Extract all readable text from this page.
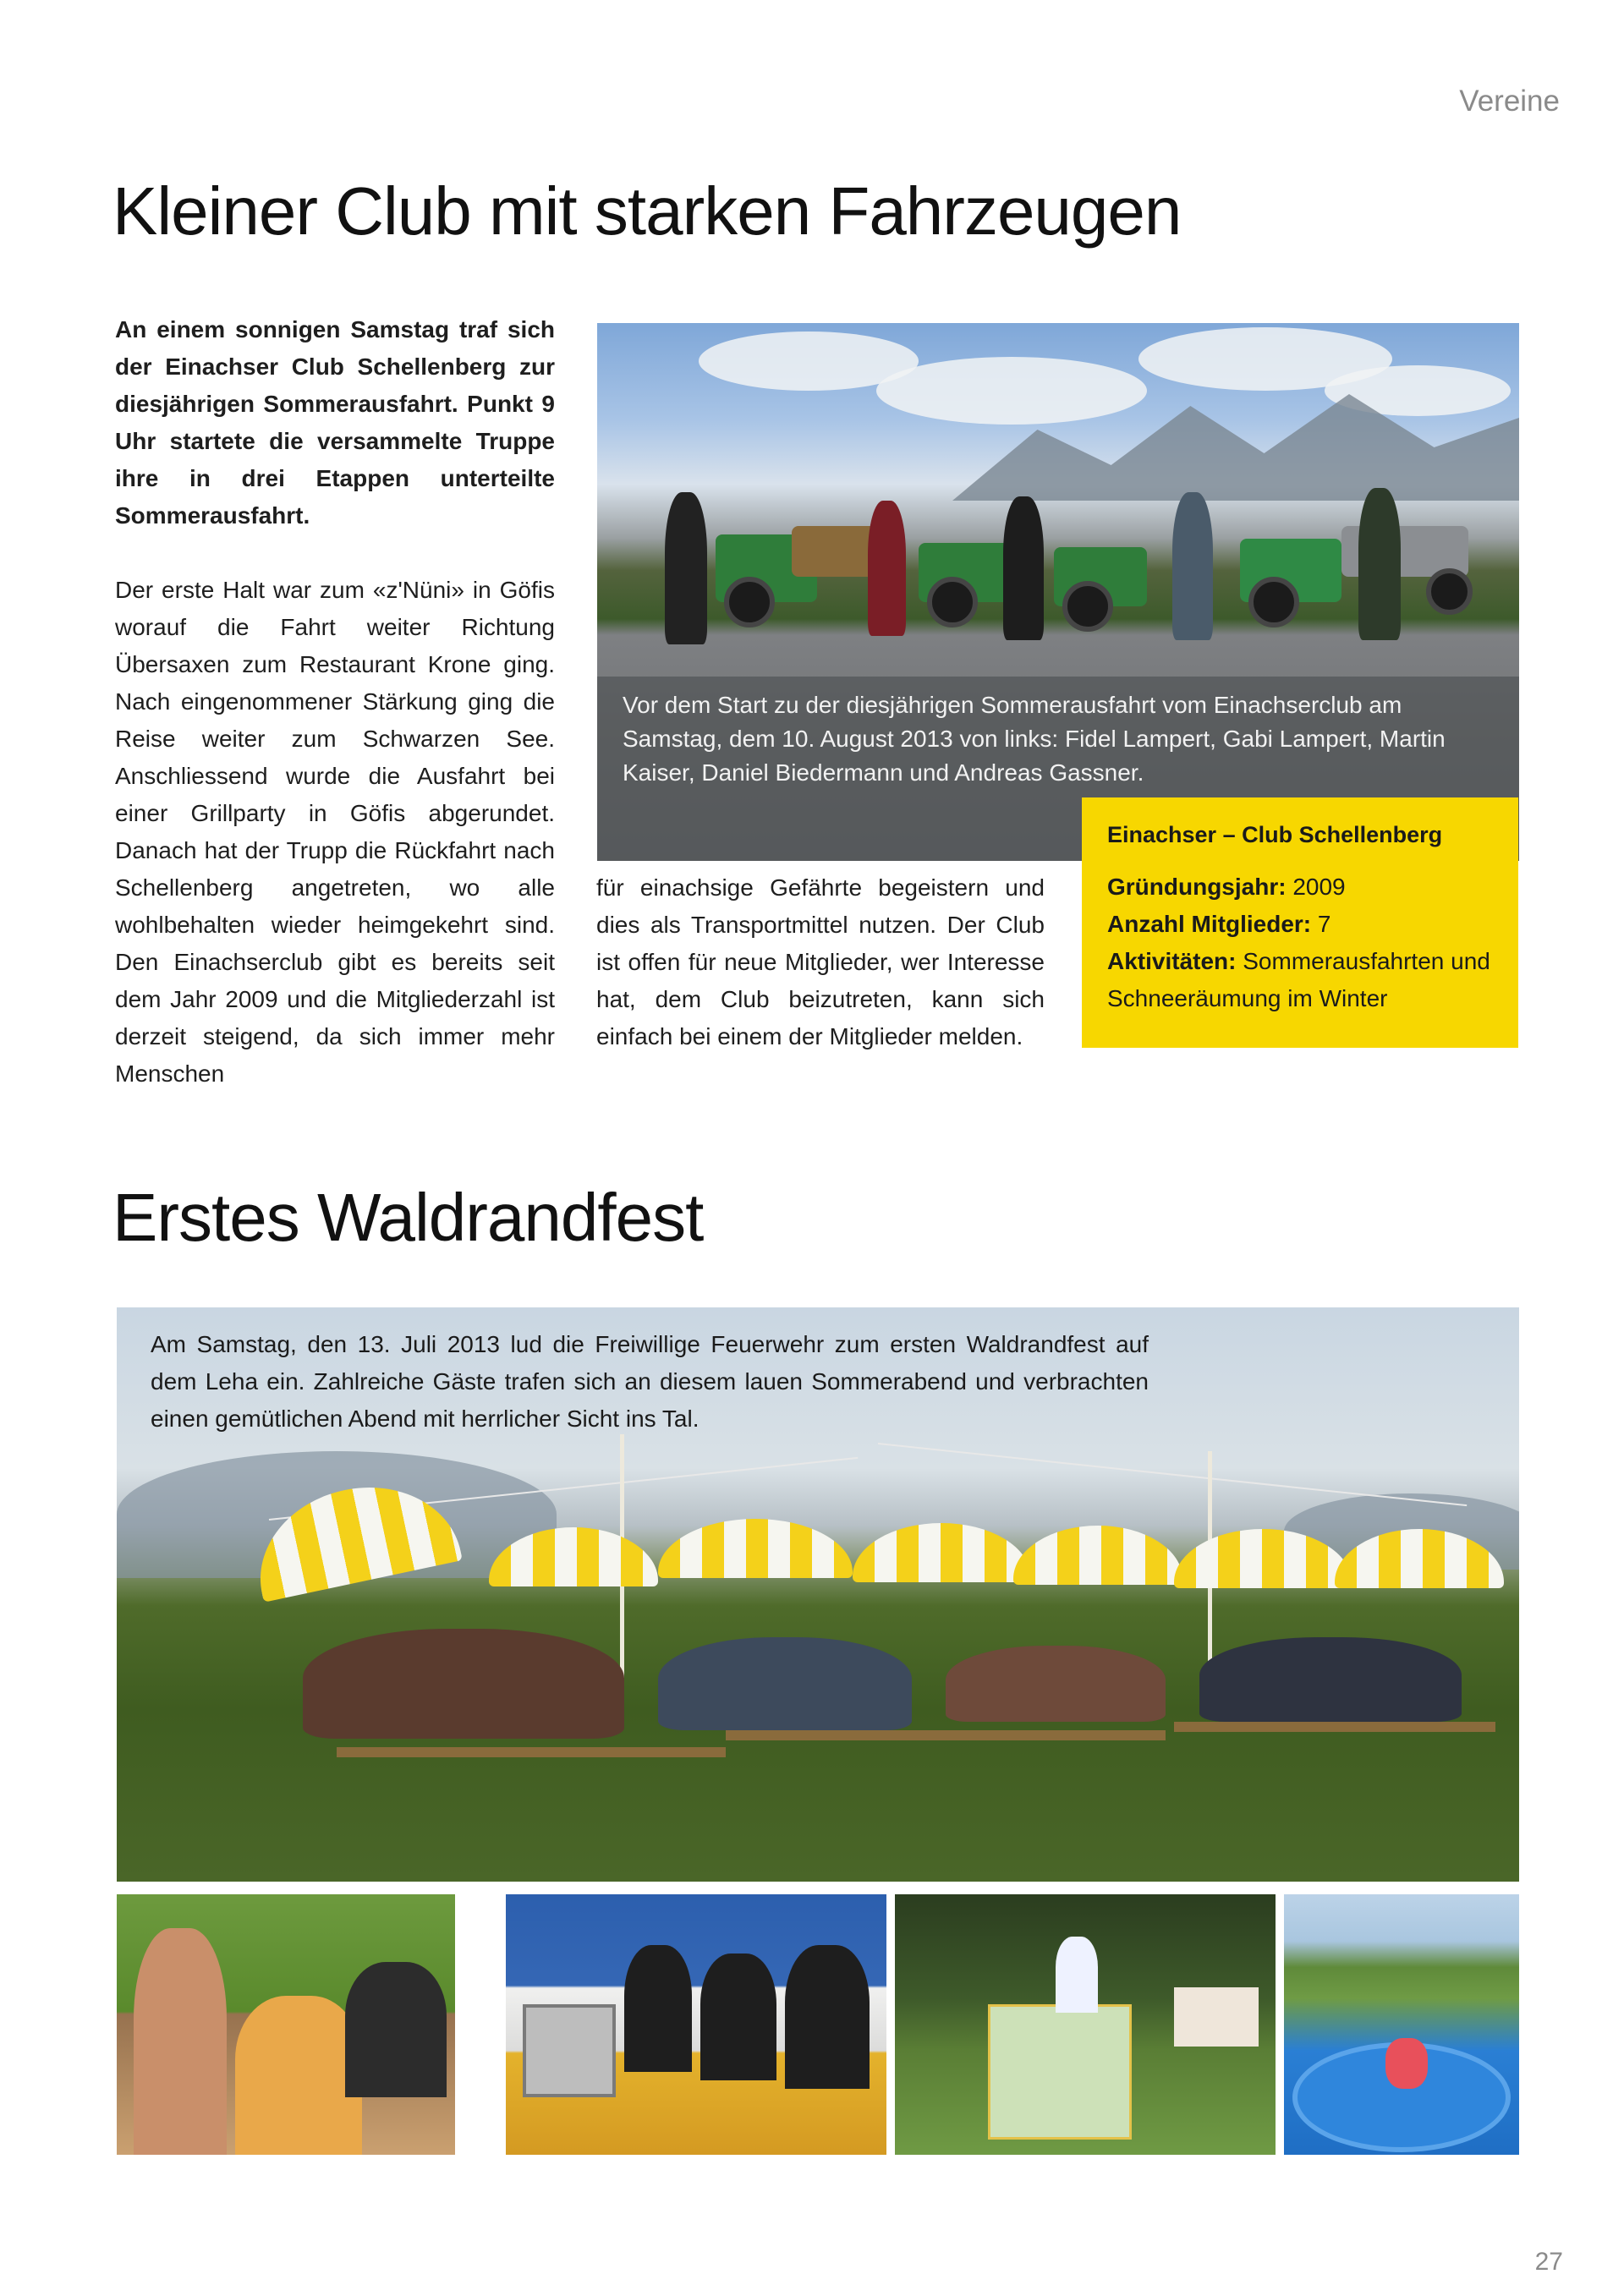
Vereine
Kleiner Club mit starken Fahrzeugen

An einem sonnigen Samstag traf sich der Einachser Club Schellenberg zur diesjährigen Sommerausfahrt. Punkt 9 Uhr startete die versammelte Truppe ihre in drei Etappen unterteilte Sommerausfahrt.

Der erste Halt war zum «z'Nüni» in Göfis worauf die Fahrt weiter Richtung Übersaxen zum Restaurant Krone ging. Nach eingenommener Stärkung ging die Reise weiter zum Schwarzen See. Anschliessend wurde die Ausfahrt bei einer Grillparty in Göfis abgerundet. Danach hat der Trupp die Rückfahrt nach Schellenberg angetreten, wo alle wohlbehalten wieder heimgekehrt sind. Den Einachserclub gibt es bereits seit dem Jahr 2009 und die Mitgliederzahl ist derzeit steigend, da sich immer mehr Menschen

für einachsige Gefährte begeistern und dies als Transportmittel nutzen. Der Club ist offen für neue Mitglieder, wer Interesse hat, dem Club beizutreten, kann sich einfach bei einem der Mitglieder melden.

Vor dem Start zu der diesjährigen Sommerausfahrt vom Einachserclub am Samstag, dem 10. August 2013 von links: Fidel Lampert, Gabi Lampert, Martin Kaiser, Daniel Biedermann und Andreas Gassner.
Einachser – Club Schellenberg
Gründungsjahr: 2009
Anzahl Mitglieder: 7
Aktivitäten: Sommerausfahrten und Schneeräumung im Winter
Erstes Waldrandfest
Am Samstag, den 13. Juli 2013 lud die Freiwillige Feuerwehr zum ersten Waldrandfest auf dem Leha ein. Zahlreiche Gäste trafen sich an diesem lauen Sommerabend und verbrachten einen gemütlichen Abend mit herrlicher Sicht ins Tal.
27
